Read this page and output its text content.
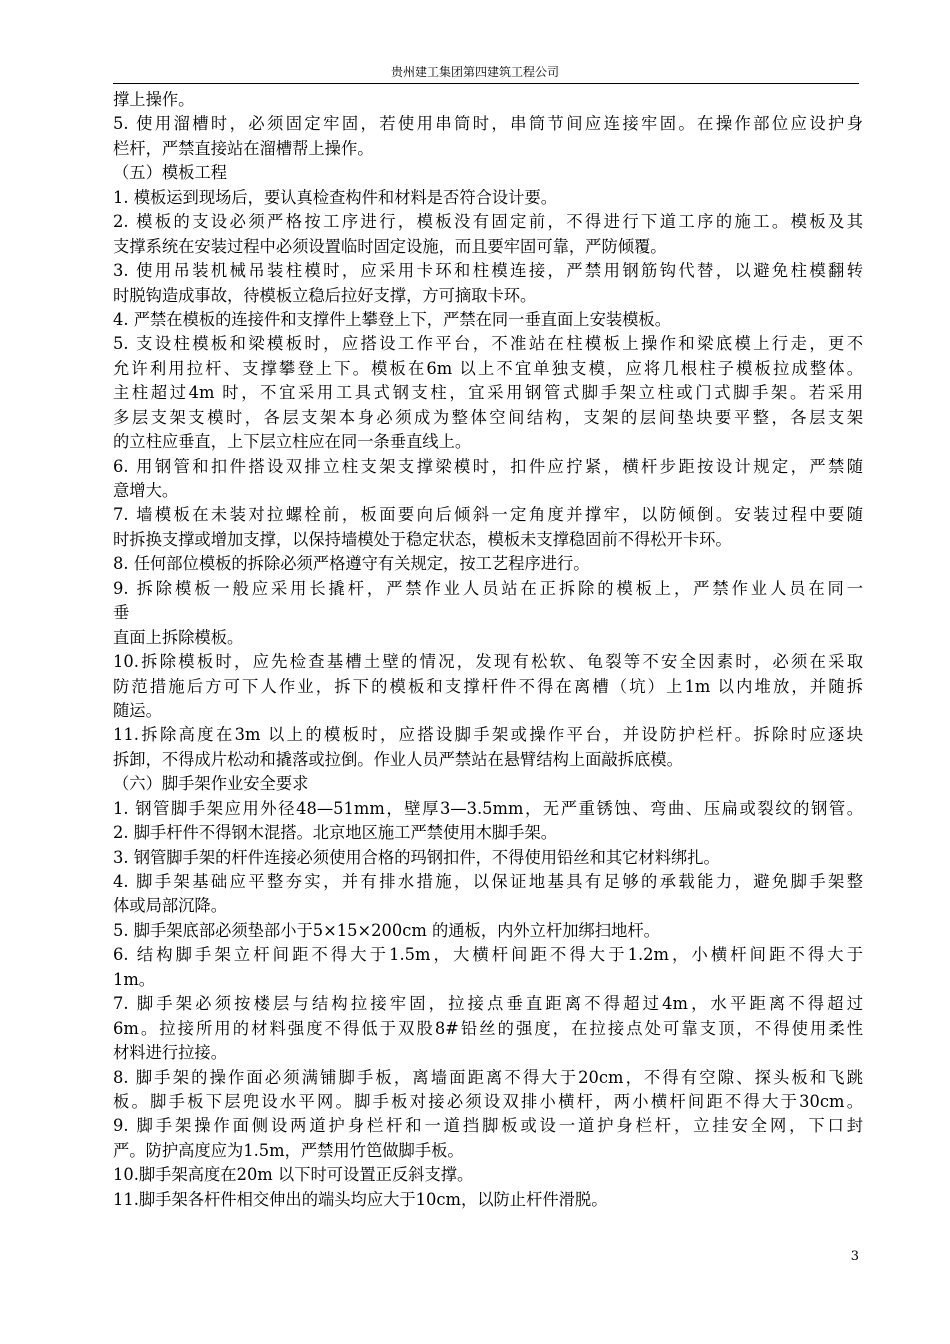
贵州建工集团第四建筑工程公司
撑上操作。
5. 使用溜槽时，必须固定牢固，若使用串筒时，串筒节间应连接牢固。在操作部位应设护身
栏杆，严禁直接站在溜槽帮上操作。
（五）模板工程
1. 模板运到现场后，要认真检查构件和材料是否符合设计要。
2. 模板的支设必须严格按工序进行，模板没有固定前，不得进行下道工序的施工。模板及其
支撑系统在安装过程中必须设置临时固定设施，而且要牢固可靠，严防倾覆。
3. 使用吊装机械吊装柱模时，应采用卡环和柱模连接，严禁用钢筋钩代替，以避免柱模翻转
时脱钩造成事故，待模板立稳后拉好支撑，方可摘取卡环。
4. 严禁在模板的连接件和支撑件上攀登上下，严禁在同一垂直面上安装模板。
5. 支设柱模板和梁模板时，应搭设工作平台，不准站在柱模板上操作和梁底模上行走，更不
允许利用拉杆、支撑攀登上下。模板在6m 以上不宜单独支模，应将几根柱子模板拉成整体。
主柱超过4m 时，不宜采用工具式钢支柱，宜采用钢管式脚手架立柱或门式脚手架。若采用
多层支架支模时，各层支架本身必须成为整体空间结构，支架的层间垫块要平整，各层支架
的立柱应垂直，上下层立柱应在同一条垂直线上。
6. 用钢管和扣件搭设双排立柱支架支撑梁模时，扣件应拧紧，横杆步距按设计规定，严禁随
意增大。
7. 墙模板在未装对拉螺栓前，板面要向后倾斜一定角度并撑牢，以防倾倒。安装过程中要随
时拆换支撑或增加支撑，以保持墙模处于稳定状态，模板未支撑稳固前不得松开卡环。
8. 任何部位模板的拆除必须严格遵守有关规定，按工艺程序进行。
9. 拆除模板一般应采用长撬杆，严禁作业人员站在正拆除的模板上，严禁作业人员在同一
垂
直面上拆除模板。
10.拆除模板时，应先检查基槽土壁的情况，发现有松软、龟裂等不安全因素时，必须在采取
防范措施后方可下人作业，拆下的模板和支撑杆件不得在离槽（坑）上1m 以内堆放，并随拆
随运。
11.拆除高度在3m 以上的模板时，应搭设脚手架或操作平台，并设防护栏杆。拆除时应逐块
拆卸，不得成片松动和撬落或拉倒。作业人员严禁站在悬臂结构上面敲拆底模。
（六）脚手架作业安全要求
1. 钢管脚手架应用外径48—51mm，壁厚3—3.5mm，无严重锈蚀、弯曲、压扁或裂纹的钢管。
2. 脚手杆件不得钢木混搭。北京地区施工严禁使用木脚手架。
3. 钢管脚手架的杆件连接必须使用合格的玛钢扣件，不得使用铅丝和其它材料绑扎。
4. 脚手架基础应平整夯实，并有排水措施，以保证地基具有足够的承载能力，避免脚手架整
体或局部沉降。
5. 脚手架底部必须垫部小于5×15×200cm 的通板，内外立杆加绑扫地杆。
6. 结构脚手架立杆间距不得大于1.5m，大横杆间距不得大于1.2m，小横杆间距不得大于
1m。
7. 脚手架必须按楼层与结构拉接牢固，拉接点垂直距离不得超过4m，水平距离不得超过
6m。拉接所用的材料强度不得低于双股8#铅丝的强度，在拉接点处可靠支顶，不得使用柔性
材料进行拉接。
8. 脚手架的操作面必须满铺脚手板，离墙面距离不得大于20cm，不得有空隙、探头板和飞跳
板。脚手板下层兜设水平网。脚手板对接必须设双排小横杆，两小横杆间距不得大于30cm。
9. 脚手架操作面侧设两道护身栏杆和一道挡脚板或设一道护身栏杆，立挂安全网，下口封
严。防护高度应为1.5m，严禁用竹笆做脚手板。
10.脚手架高度在20m 以下时可设置正反斜支撑。
11.脚手架各杆件相交伸出的端头均应大于10cm，以防止杆件滑脱。
3
